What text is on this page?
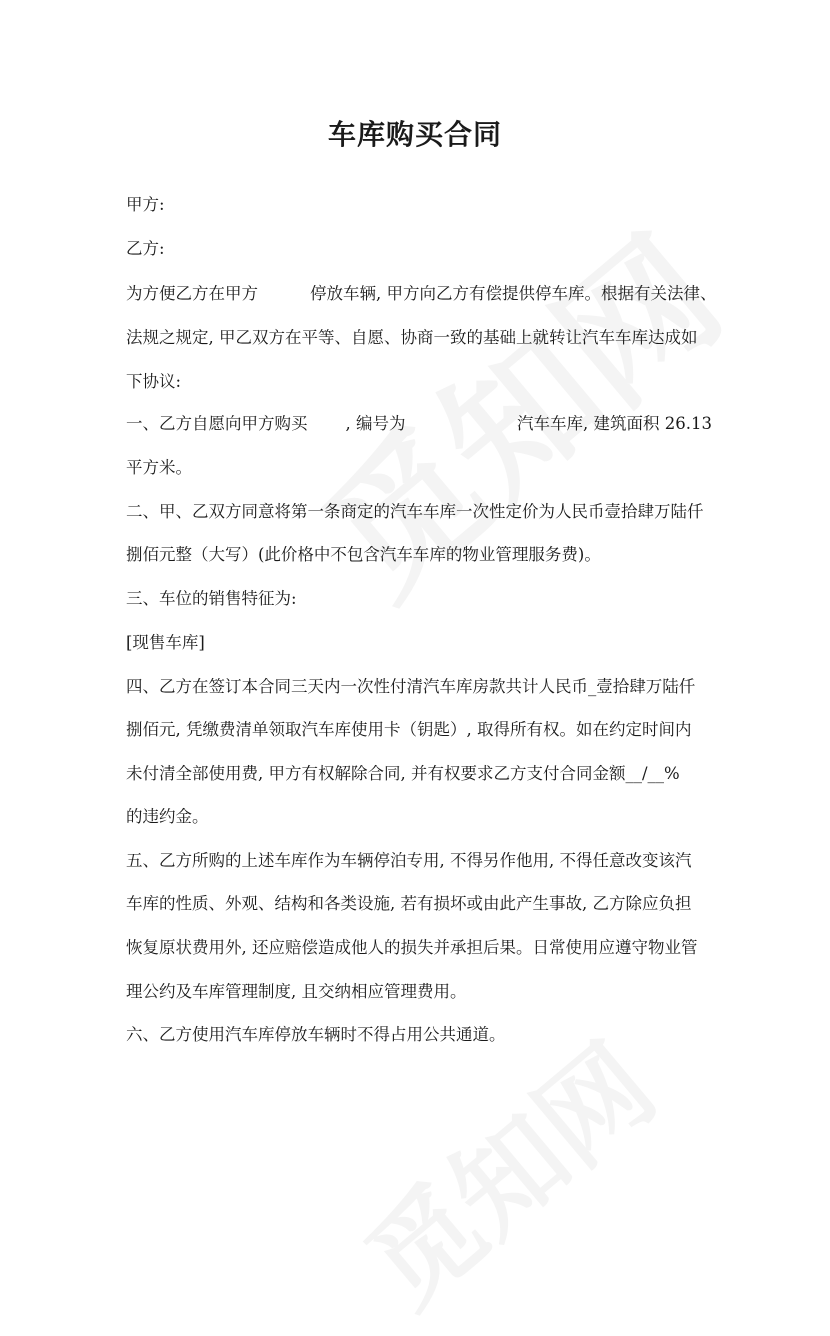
车库购买合同
甲方:
乙方:
为方便乙方在甲方	停放车辆, 甲方向乙方有偿提供停车库。根据有关法律、
法规之规定, 甲乙双方在平等、自愿、协商一致的基础上就转让汽车车库达成如
下协议:
一、乙方自愿向甲方购买 , 编号为	汽车车库, 建筑面积 26.13
平方米。
二、甲、乙双方同意将第一条商定的汽车车库一次性定价为人民币壹拾肆万陆仟
捌佰元整（大写）(此价格中不包含汽车车库的物业管理服务费)。
三、车位的销售特征为:
[现售车库]
四、乙方在签订本合同三天内一次性付清汽车库房款共计人民币_壹拾肆万陆仟
捌佰元, 凭缴费清单领取汽车库使用卡（钥匙）, 取得所有权。如在约定时间内
未付清全部使用费, 甲方有权解除合同, 并有权要求乙方支付合同金额__/__%
的违约金。
五、乙方所购的上述车库作为车辆停泊专用, 不得另作他用, 不得任意改变该汽
车库的性质、外观、结构和各类设施, 若有损坏或由此产生事故, 乙方除应负担
恢复原状费用外, 还应赔偿造成他人的损失并承担后果。日常使用应遵守物业管
理公约及车库管理制度, 且交纳相应管理费用。
六、乙方使用汽车库停放车辆时不得占用公共通道。
